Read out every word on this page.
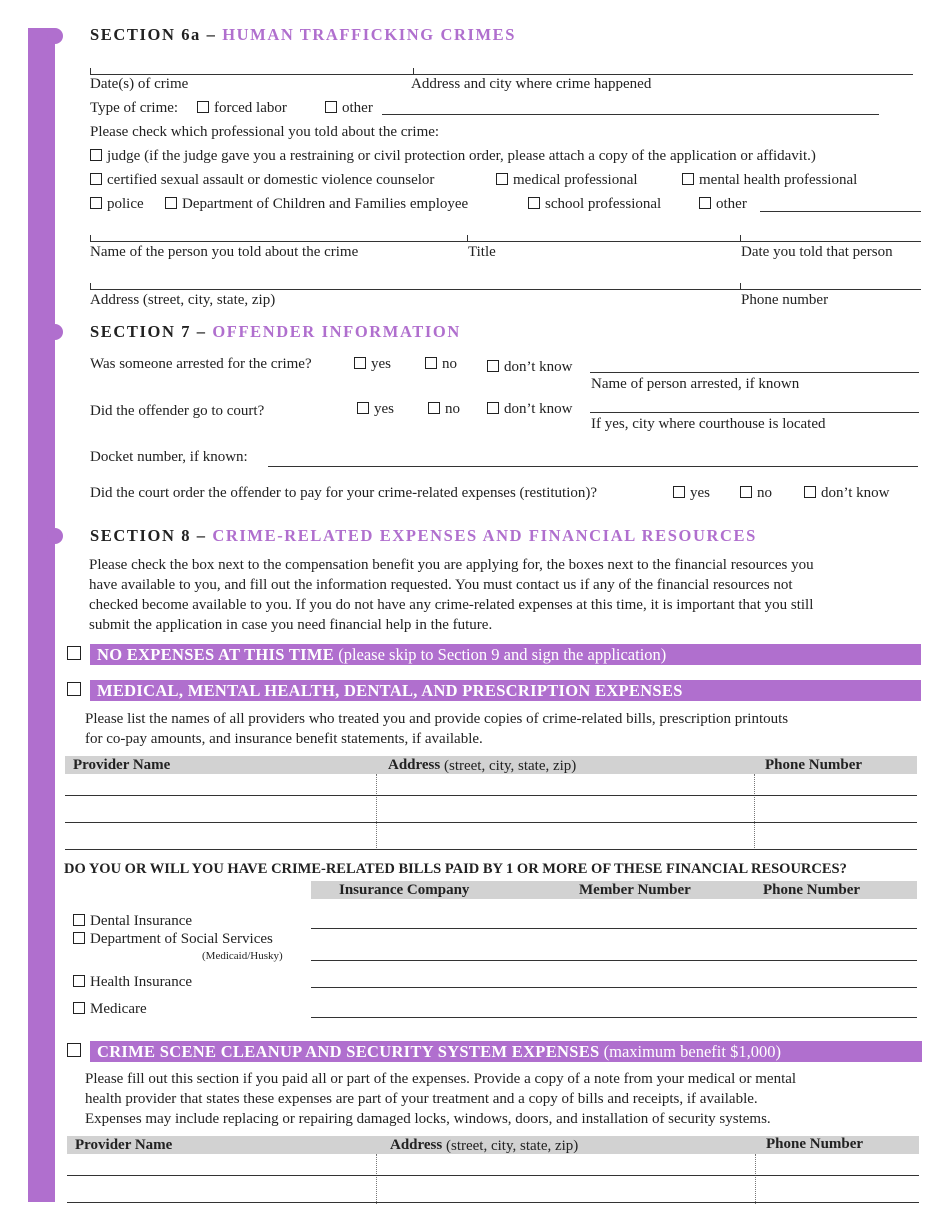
SECTION 6a – HUMAN TRAFFICKING CRIMES
Date(s) of crime	Address and city where crime happened
Type of crime:	forced labor	other
Please check which professional you told about the crime:
judge (if the judge gave you a restraining or civil protection order, please attach a copy of the application or affidavit.)
certified sexual assault or domestic violence counselor	medical professional	mental health professional
police	Department of Children and Families employee	school professional	other
Name of the person you told about the crime	Title	Date you told that person
Address (street, city, state, zip)	Phone number
SECTION 7 – OFFENDER INFORMATION
Was someone arrested for the crime?	yes	no	don’t know
Name of person arrested, if known
Did the offender go to court?	yes	no	don’t know
If yes, city where courthouse is located
Docket number, if known:
Did the court order the offender to pay for your crime-related expenses (restitution)?	yes	no	don’t know
SECTION 8 – CRIME-RELATED EXPENSES AND FINANCIAL RESOURCES
Please check the box next to the compensation benefit you are applying for, the boxes next to the financial resources you
have available to you, and fill out the information requested. You must contact us if any of the financial resources not
checked become available to you. If you do not have any crime-related expenses at this time, it is important that you still
submit the application in case you need financial help in the future.
NO EXPENSES AT THIS TIME (please skip to Section 9 and sign the application)
MEDICAL, MENTAL HEALTH, DENTAL, AND PRESCRIPTION EXPENSES
Please list the names of all providers who treated you and provide copies of crime-related bills, prescription printouts
for co-pay amounts, and insurance benefit statements, if available.
Provider Name	Address (street, city, state, zip)	Phone Number
DO YOU OR WILL YOU HAVE CRIME-RELATED BILLS PAID BY 1 OR MORE OF THESE FINANCIAL RESOURCES?
Insurance Company	Member Number	Phone Number
Dental Insurance
Department of Social Services
(Medicaid/Husky)
Health Insurance
Medicare
CRIME SCENE CLEANUP AND SECURITY SYSTEM EXPENSES (maximum benefit $1,000)
Please fill out this section if you paid all or part of the expenses. Provide a copy of a note from your medical or mental
health provider that states these expenses are part of your treatment and a copy of bills and receipts, if available.
Expenses may include replacing or repairing damaged locks, windows, doors, and installation of security systems.
Provider Name	Address (street, city, state, zip)	Phone Number
